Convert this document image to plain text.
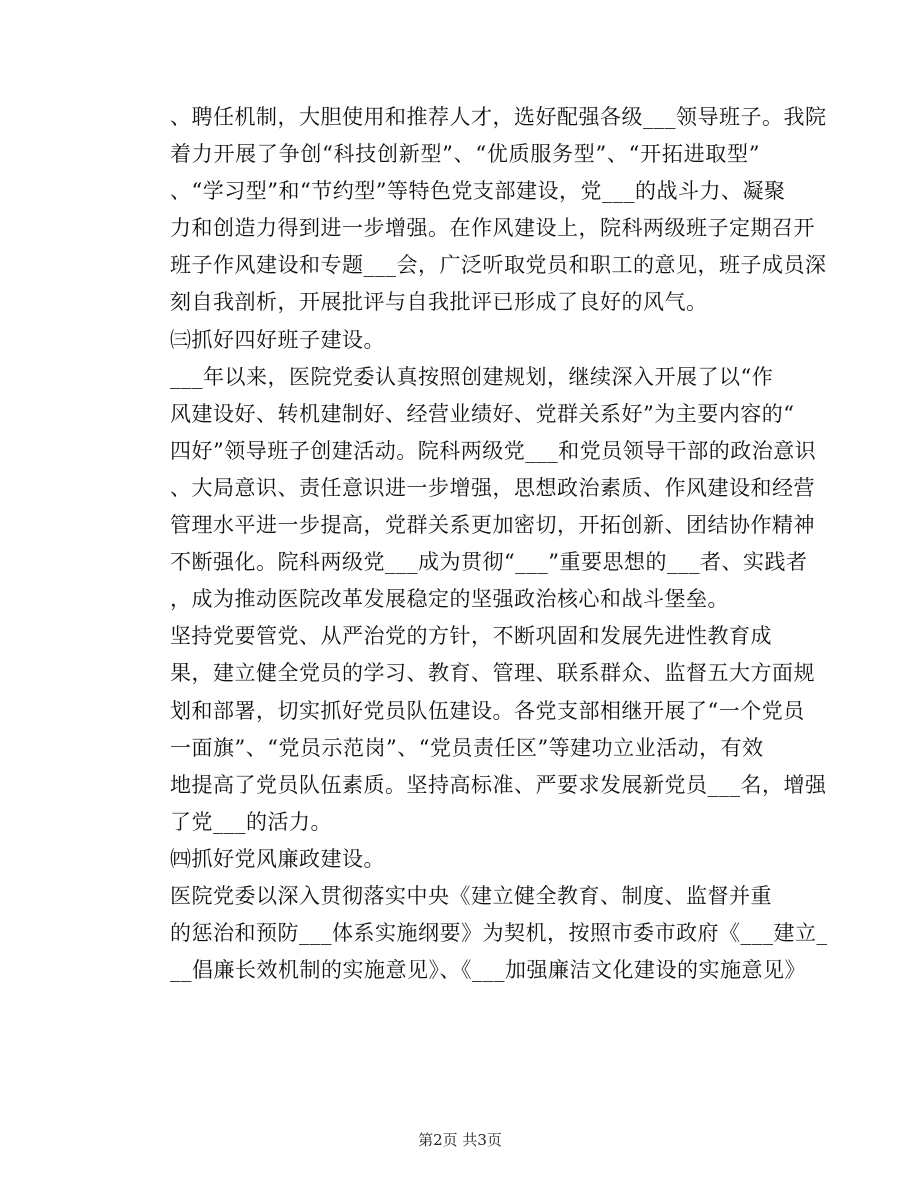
、聘任机制，大胆使用和推荐人才，选好配强各级___领导班子。我院
着力开展了争创“科技创新型”、“优质服务型”、“开拓进取型”
、“学习型”和“节约型”等特色党支部建设，党___的战斗力、凝聚
力和创造力得到进一步增强。在作风建设上，院科两级班子定期召开
班子作风建设和专题___会，广泛听取党员和职工的意见，班子成员深
刻自我剖析，开展批评与自我批评已形成了良好的风气。
㈢抓好四好班子建设。
___年以来，医院党委认真按照创建规划，继续深入开展了以“作
风建设好、转机建制好、经营业绩好、党群关系好”为主要内容的“
四好”领导班子创建活动。院科两级党___和党员领导干部的政治意识
、大局意识、责任意识进一步增强，思想政治素质、作风建设和经营
管理水平进一步提高，党群关系更加密切，开拓创新、团结协作精神
不断强化。院科两级党___成为贯彻“___”重要思想的___者、实践者
，成为推动医院改革发展稳定的坚强政治核心和战斗堡垒。
坚持党要管党、从严治党的方针，不断巩固和发展先进性教育成
果，建立健全党员的学习、教育、管理、联系群众、监督五大方面规
划和部署，切实抓好党员队伍建设。各党支部相继开展了“一个党员
一面旗”、“党员示范岗”、“党员责任区”等建功立业活动，有效
地提高了党员队伍素质。坚持高标准、严要求发展新党员___名，增强
了党___的活力。
㈣抓好党风廉政建设。
医院党委以深入贯彻落实中央《建立健全教育、制度、监督并重
的惩治和预防___体系实施纲要》为契机，按照市委市政府《___建立_
__倡廉长效机制的实施意见》、《___加强廉洁文化建设的实施意见》
第2页 共3页
